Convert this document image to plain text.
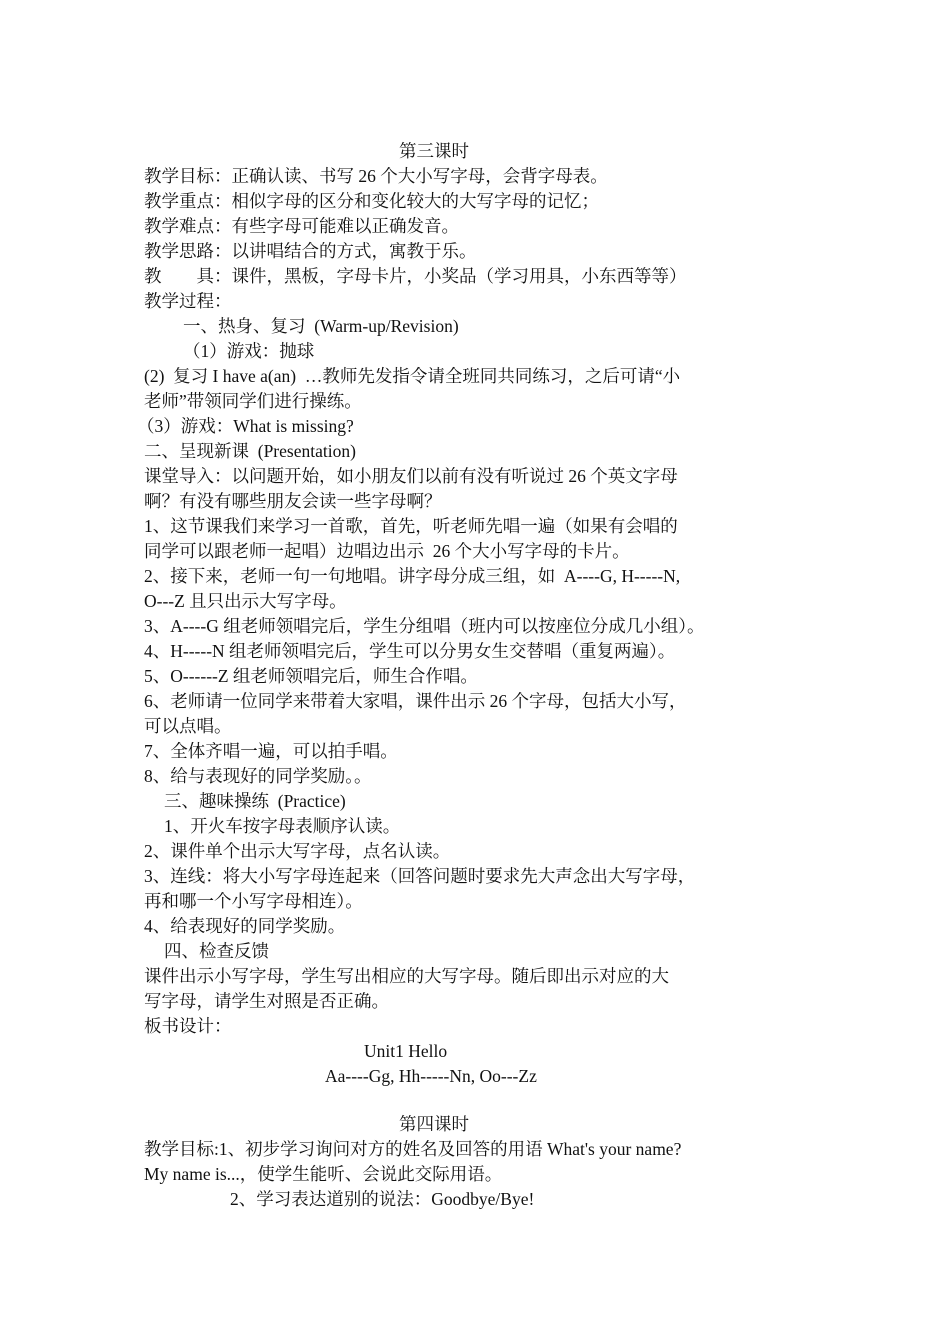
第三课时
教学目标：正确认读、书写 26 个大小写字母，会背字母表。
教学重点：相似字母的区分和变化较大的大写字母的记忆；
教学难点：有些字母可能难以正确发音。
教学思路：以讲唱结合的方式，寓教于乐。
教　　具：课件，黑板，字母卡片，小奖品（学习用具，小东西等等）
教学过程：
一、热身、复习  (Warm-up/Revision)
（1）游戏：抛球
(2)  复习 I have a(an)  …教师先发指令请全班同共同练习，之后可请“小
老师”带领同学们进行操练。
（3）游戏：What is missing?
二、呈现新课  (Presentation)
课堂导入：以问题开始，如小朋友们以前有没有听说过 26 个英文字母
啊？有没有哪些朋友会读一些字母啊？
1、这节课我们来学习一首歌，首先，听老师先唱一遍（如果有会唱的
同学可以跟老师一起唱）边唱边出示  26 个大小写字母的卡片。
2、接下来，老师一句一句地唱。讲字母分成三组，如  A----G, H-----N,
O---Z 且只出示大写字母。
3、A----G 组老师领唱完后，学生分组唱（班内可以按座位分成几小组）。
4、H-----N 组老师领唱完后，学生可以分男女生交替唱（重复两遍）。
5、O------Z 组老师领唱完后，师生合作唱。
6、老师请一位同学来带着大家唱，课件出示 26 个字母，包括大小写，
可以点唱。
7、全体齐唱一遍，可以拍手唱。
8、给与表现好的同学奖励。。
三、趣味操练  (Practice)
1、开火车按字母表顺序认读。
2、课件单个出示大写字母，点名认读。
3、连线：将大小写字母连起来（回答问题时要求先大声念出大写字母，
再和哪一个小写字母相连）。
4、给表现好的同学奖励。
四、检查反馈
课件出示小写字母，学生写出相应的大写字母。随后即出示对应的大
写字母，请学生对照是否正确。
板书设计：
Unit1 Hello
Aa----Gg, Hh-----Nn, Oo---Zz
第四课时
教学目标:1、初步学习询问对方的姓名及回答的用语 What's your name?
My name is...，使学生能听、会说此交际用语。
2、学习表达道别的说法：Goodbye/Bye!
